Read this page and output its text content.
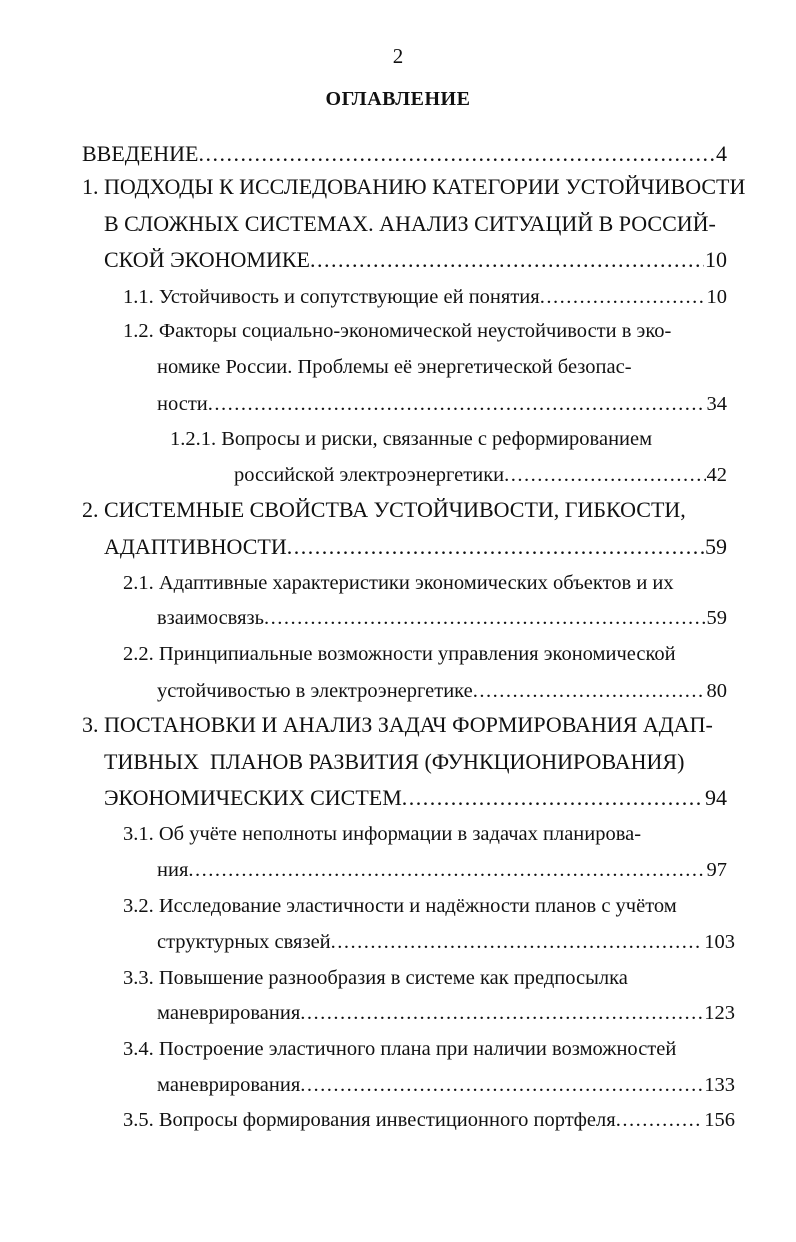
2
ОГЛАВЛЕНИЕ
ВВЕДЕНИЕ .....	4
1. ПОДХОДЫ К ИССЛЕДОВАНИЮ КАТЕГОРИИ УСТОЙЧИВОСТИ
В СЛОЖНЫХ СИСТЕМАХ. АНАЛИЗ СИТУАЦИЙ В РОССИЙ-
СКОЙ ЭКОНОМИКЕ .....	10
1.1. Устойчивость и сопутствующие ей понятия .....	10
1.2. Факторы социально-экономической неустойчивости в эко-
номике России. Проблемы её энергетической безопас-
ности .....	34
1.2.1. Вопросы и риски, связанные с реформированием
российской электроэнергетики .....	42
2. СИСТЕМНЫЕ СВОЙСТВА УСТОЙЧИВОСТИ, ГИБКОСТИ,
АДАПТИВНОСТИ .....	59
2.1. Адаптивные характеристики экономических объектов и их
взаимосвязь .....	59
2.2. Принципиальные возможности управления экономической
устойчивостью в электроэнергетике .....	80
3. ПОСТАНОВКИ И АНАЛИЗ ЗАДАЧ ФОРМИРОВАНИЯ АДАП-
ТИВНЫХ  ПЛАНОВ РАЗВИТИЯ (ФУНКЦИОНИРОВАНИЯ)
ЭКОНОМИЧЕСКИХ СИСТЕМ .....	94
3.1. Об учёте неполноты информации в задачах планирова-
ния .....	97
3.2. Исследование эластичности и надёжности планов с учётом
структурных связей .....	103
3.3. Повышение разнообразия в системе как предпосылка
маневрирования .....	123
3.4. Построение эластичного плана при наличии возможностей
маневрирования .....	133
3.5. Вопросы формирования инвестиционного портфеля .....	156
